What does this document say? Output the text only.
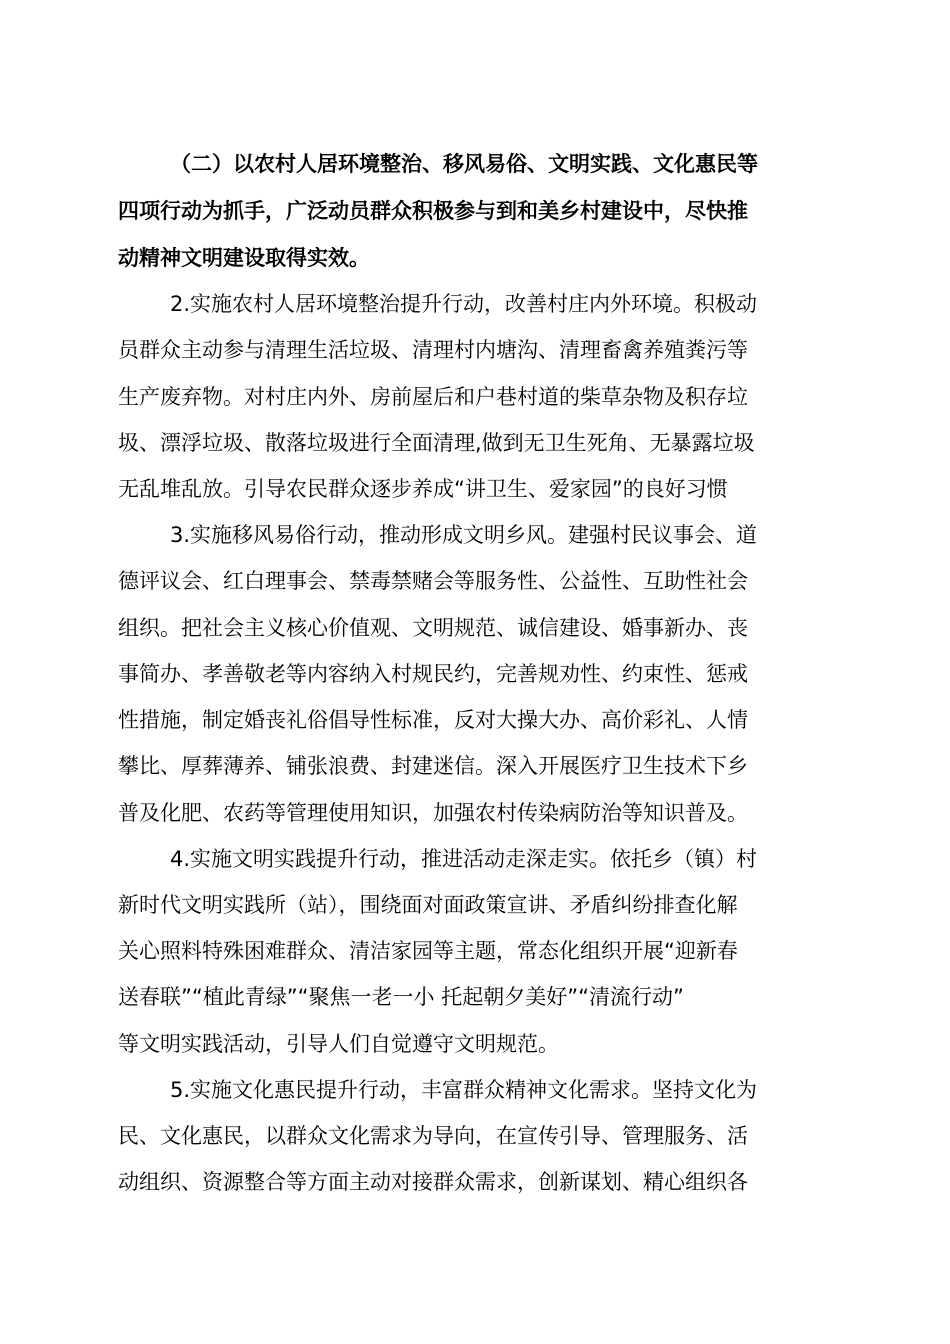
（二）以农村人居环境整治、移风易俗、文明实践、文化惠民等
四项行动为抓手，广泛动员群众积极参与到和美乡村建设中，尽快推
动精神文明建设取得实效。
2.实施农村人居环境整治提升行动，改善村庄内外环境。积极动
员群众主动参与清理生活垃圾、清理村内塘沟、清理畜禽养殖粪污等
生产废弃物。对村庄内外、房前屋后和户巷村道的柴草杂物及积存垃
圾、漂浮垃圾、散落垃圾进行全面清理,做到无卫生死角、无暴露垃圾
无乱堆乱放。引导农民群众逐步养成“讲卫生、爱家园”的良好习惯
3.实施移风易俗行动，推动形成文明乡风。建强村民议事会、道
德评议会、红白理事会、禁毒禁赌会等服务性、公益性、互助性社会
组织。把社会主义核心价值观、文明规范、诚信建设、婚事新办、丧
事简办、孝善敬老等内容纳入村规民约，完善规劝性、约束性、惩戒
性措施，制定婚丧礼俗倡导性标准，反对大操大办、高价彩礼、人情
攀比、厚葬薄养、铺张浪费、封建迷信。深入开展医疗卫生技术下乡
普及化肥、农药等管理使用知识，加强农村传染病防治等知识普及。
4.实施文明实践提升行动，推进活动走深走实。依托乡（镇）村
新时代文明实践所（站），围绕面对面政策宣讲、矛盾纠纷排查化解
关心照料特殊困难群众、清洁家园等主题，常态化组织开展“迎新春
送春联”“植此青绿”“聚焦一老一小 托起朝夕美好”“清流行动”
等文明实践活动，引导人们自觉遵守文明规范。
5.实施文化惠民提升行动，丰富群众精神文化需求。坚持文化为
民、文化惠民，以群众文化需求为导向，在宣传引导、管理服务、活
动组织、资源整合等方面主动对接群众需求，创新谋划、精心组织各
